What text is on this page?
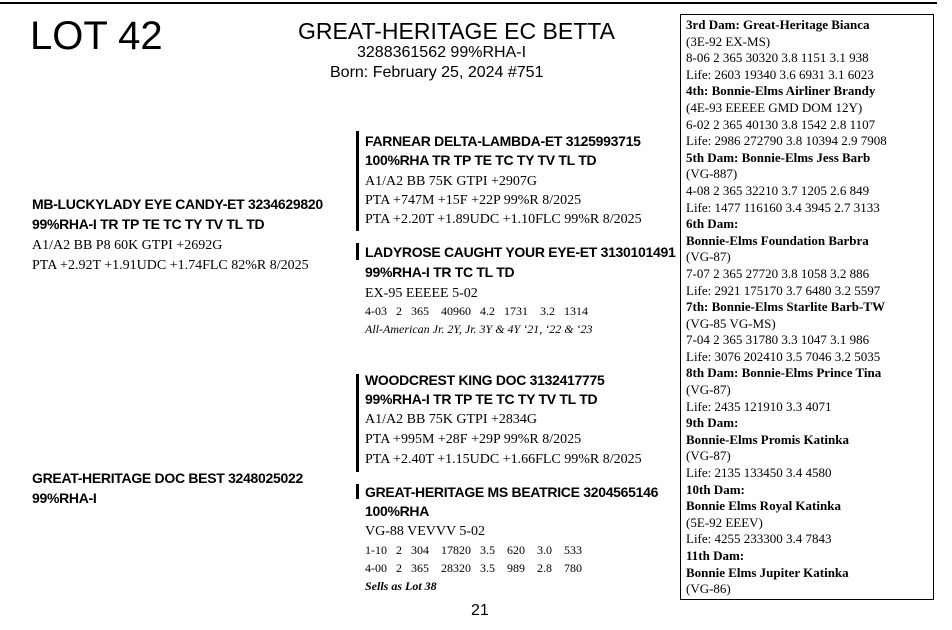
LOT 42	GREAT-HERITAGE EC BETTA
3288361562 99%RHA-I
Born: February 25, 2024 #751
MB-LUCKYLADY EYE CANDY-ET 3234629820
99%RHA-I TR TP TE TC TY TV TL TD
A1/A2 BB P8 60K GTPI +2692G
PTA +2.92T +1.91UDC +1.74FLC 82%R 8/2025
FARNEAR DELTA-LAMBDA-ET 3125993715
100%RHA TR TP TE TC TY TV TL TD
A1/A2 BB 75K GTPI +2907G
PTA +747M +15F +22P 99%R 8/2025
PTA +2.20T +1.89UDC +1.10FLC 99%R 8/2025
LADYROSE CAUGHT YOUR EYE-ET 3130101491
99%RHA-I TR TC TL TD
EX-95 EEEEE 5-02
4-03   2   365    40960   4.2   1731    3.2   1314
All-American Jr. 2Y, Jr. 3Y & 4Y ‘21, ‘22 & ‘23
GREAT-HERITAGE DOC BEST 3248025022
99%RHA-I
WOODCREST KING DOC 3132417775
99%RHA-I TR TP TE TC TY TV TL TD
A1/A2 BB 75K GTPI +2834G
PTA +995M +28F +29P 99%R 8/2025
PTA +2.40T +1.15UDC +1.66FLC 99%R 8/2025
GREAT-HERITAGE MS BEATRICE 3204565146
100%RHA
VG-88 VEVVV 5-02
1-10   2   304    17820   3.5    620    3.0    533
4-00   2   365    28320   3.5    989    2.8    780
Sells as Lot 38
21
3rd Dam: Great-Heritage Bianca
(3E-92 EX-MS)
8-06 2 365 30320 3.8 1151 3.1 938
Life: 2603 19340 3.6 6931 3.1 6023
4th: Bonnie-Elms Airliner Brandy
(4E-93 EEEEE GMD DOM 12Y)
6-02 2 365 40130 3.8 1542 2.8 1107
Life: 2986 272790 3.8 10394 2.9 7908
5th Dam: Bonnie-Elms Jess Barb
(VG-887)
4-08 2 365 32210 3.7 1205 2.6 849
Life: 1477 116160 3.4 3945 2.7 3133
6th Dam:
Bonnie-Elms Foundation Barbra
(VG-87)
7-07 2 365 27720 3.8 1058 3.2 886
Life: 2921 175170 3.7 6480 3.2 5597
7th: Bonnie-Elms Starlite Barb-TW
(VG-85 VG-MS)
7-04 2 365 31780 3.3 1047 3.1 986
Life: 3076 202410 3.5 7046 3.2 5035
8th Dam: Bonnie-Elms Prince Tina
(VG-87)
Life: 2435 121910 3.3 4071
9th Dam:
Bonnie-Elms Promis Katinka
(VG-87)
Life: 2135 133450 3.4 4580
10th Dam:
Bonnie Elms Royal Katinka
(5E-92 EEEV)
Life: 4255 233300 3.4 7843
11th Dam:
Bonnie Elms Jupiter Katinka
(VG-86)
